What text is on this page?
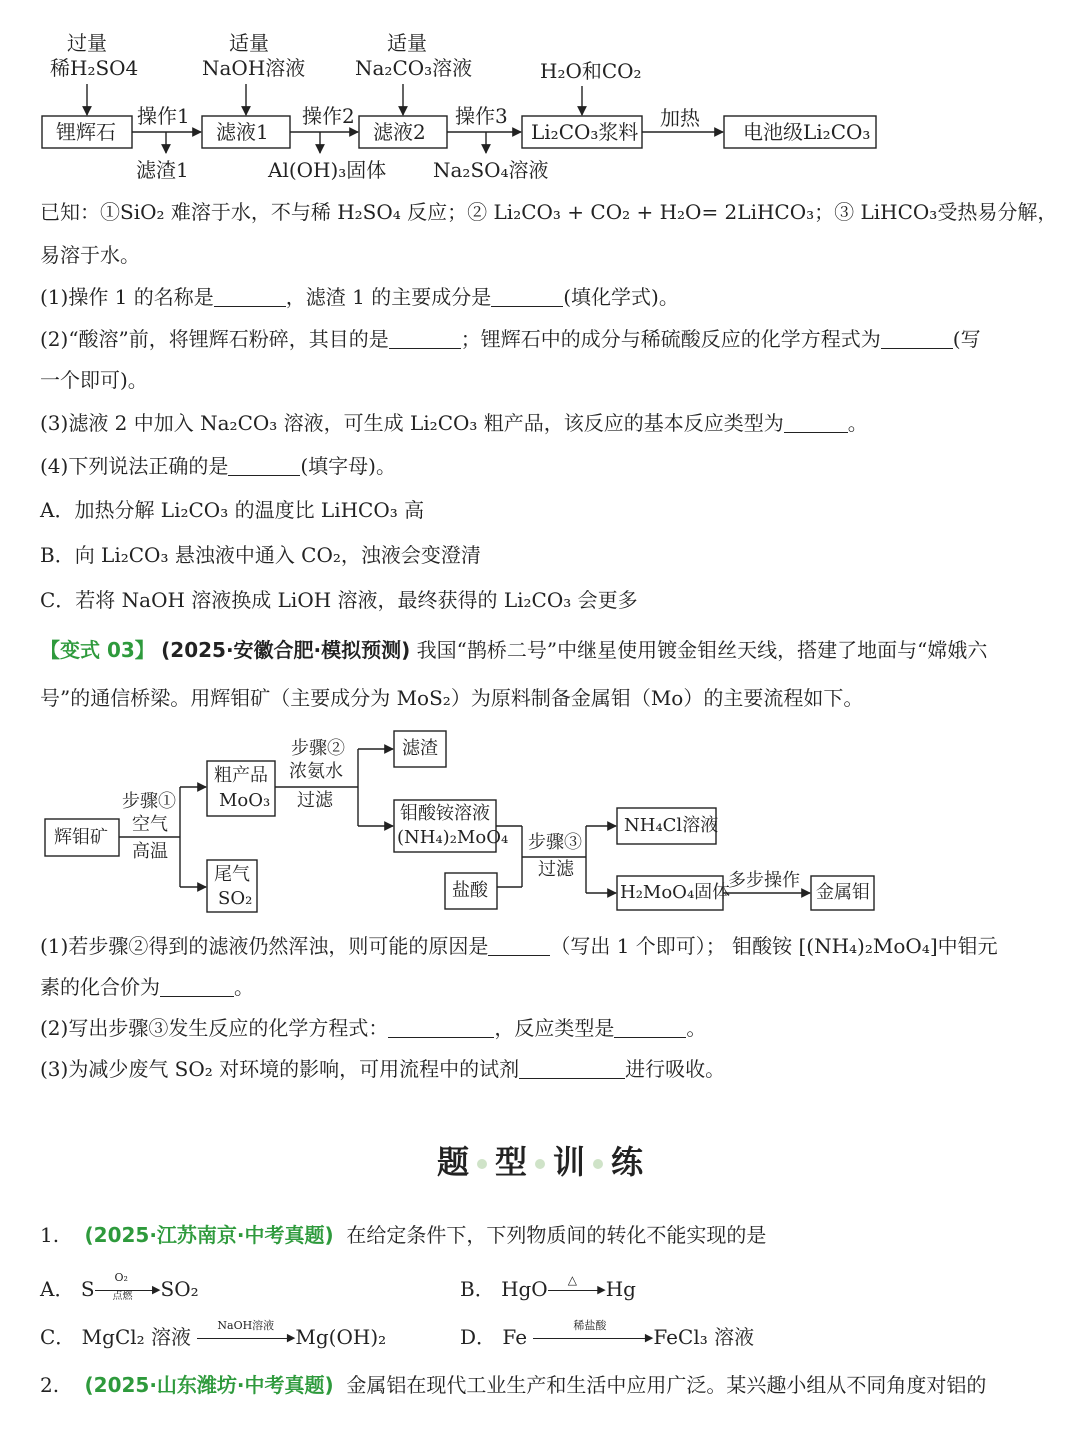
过量
稀H₂SO4
适量
NaOH溶液
适量
Na₂CO₃溶液	H₂O和CO₂
锂辉石	滤液1	滤液2	Li₂CO₃浆料	电池级Li₂CO₃
操作1	操作2	操作3	加热
滤渣1	Al(OH)₃固体 Na₂SO₄溶液
已知：①SiO₂ 难溶于水，不与稀 H₂SO₄ 反应；② Li₂CO₃ + CO₂ + H₂O= 2LiHCO₃；③ LiHCO₃受热易分解，
易溶于水。
(1)操作 1 的名称是	，滤渣 1 的主要成分是	(填化学式)。
(2)“酸溶”前，将锂辉石粉碎，其目的是	；锂辉石中的成分与稀硫酸反应的化学方程式为	(写
一个即可)。
(3)滤液 2 中加入 Na₂CO₃ 溶液，可生成 Li₂CO₃ 粗产品，该反应的基本反应类型为	。
(4)下列说法正确的是	(填字母)。
A．加热分解 Li₂CO₃ 的温度比 LiHCO₃ 高
B．向 Li₂CO₃ 悬浊液中通入 CO₂，浊液会变澄清
C．若将 NaOH 溶液换成 LiOH 溶液，最终获得的 Li₂CO₃ 会更多
【变式 03】 (2025·安徽合肥·模拟预测) 我国“鹊桥二号”中继星使用镀金钼丝天线，搭建了地面与“嫦娥六
号”的通信桥梁。用辉钼矿（主要成分为 MoS₂）为原料制备金属钼（Mo）的主要流程如下。
辉钼矿
步骤①
空气
高温
粗产品
MoO₃
尾气
SO₂
步骤②
浓氨水
过滤
滤渣
钼酸铵溶液
(NH₄)₂MoO₄
盐酸
步骤③
过滤
NH₄Cl溶液
H₂MoO₄固体
多步操作
金属钼
(1)若步骤②得到的滤液仍然浑浊，则可能的原因是	（写出 1 个即可）； 钼酸铵 [(NH₄)₂MoO₄]中钼元
素的化合价为	。
(2)写出步骤③发生反应的化学方程式：	，反应类型是	。
(3)为减少废气 SO₂ 对环境的影响，可用流程中的试剂	进行吸收。
题 型 训 练
1. (2025·江苏南京·中考真题) 在给定条件下，下列物质间的转化不能实现的是
A． S O₂
▶
点燃 SO₂	B． HgO △
▶ Hg
C． MgCl₂ 溶液 NaOH溶液
▶ Mg(OH)₂	D． Fe	稀盐酸
▶ FeCl₃ 溶液
2. (2025·山东潍坊·中考真题) 金属铝在现代工业生产和生活中应用广泛。某兴趣小组从不同角度对铝的
